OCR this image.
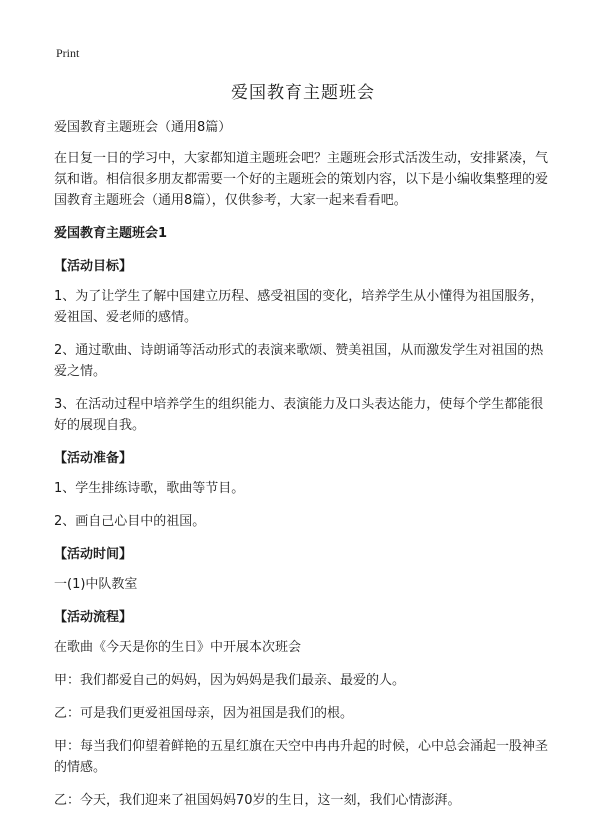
Print
爱国教育主题班会

爱国教育主题班会（通用8篇）

在日复一日的学习中，大家都知道主题班会吧？主题班会形式活泼生动，安排紧凑，气氛和谐。相信很多朋友都需要一个好的主题班会的策划内容，以下是小编收集整理的爱国教育主题班会（通用8篇），仅供参考，大家一起来看看吧。

爱国教育主题班会1
【活动目标】

1、为了让学生了解中国建立历程、感受祖国的变化，培养学生从小懂得为祖国服务，爱祖国、爱老师的感情。

2、通过歌曲、诗朗诵等活动形式的表演来歌颂、赞美祖国，从而激发学生对祖国的热爱之情。

3、在活动过程中培养学生的组织能力、表演能力及口头表达能力，使每个学生都能很好的展现自我。

【活动准备】

1、学生排练诗歌，歌曲等节目。

2、画自己心目中的祖国。

【活动时间】

一(1)中队教室

【活动流程】

在歌曲《今天是你的生日》中开展本次班会

甲：我们都爱自己的妈妈，因为妈妈是我们最亲、最爱的人。

乙：可是我们更爱祖国母亲，因为祖国是我们的根。

甲：每当我们仰望着鲜艳的五星红旗在天空中冉冉升起的时候，心中总会涌起一股神圣的情感。

乙：今天，我们迎来了祖国妈妈70岁的生日，这一刻，我们心情澎湃。
